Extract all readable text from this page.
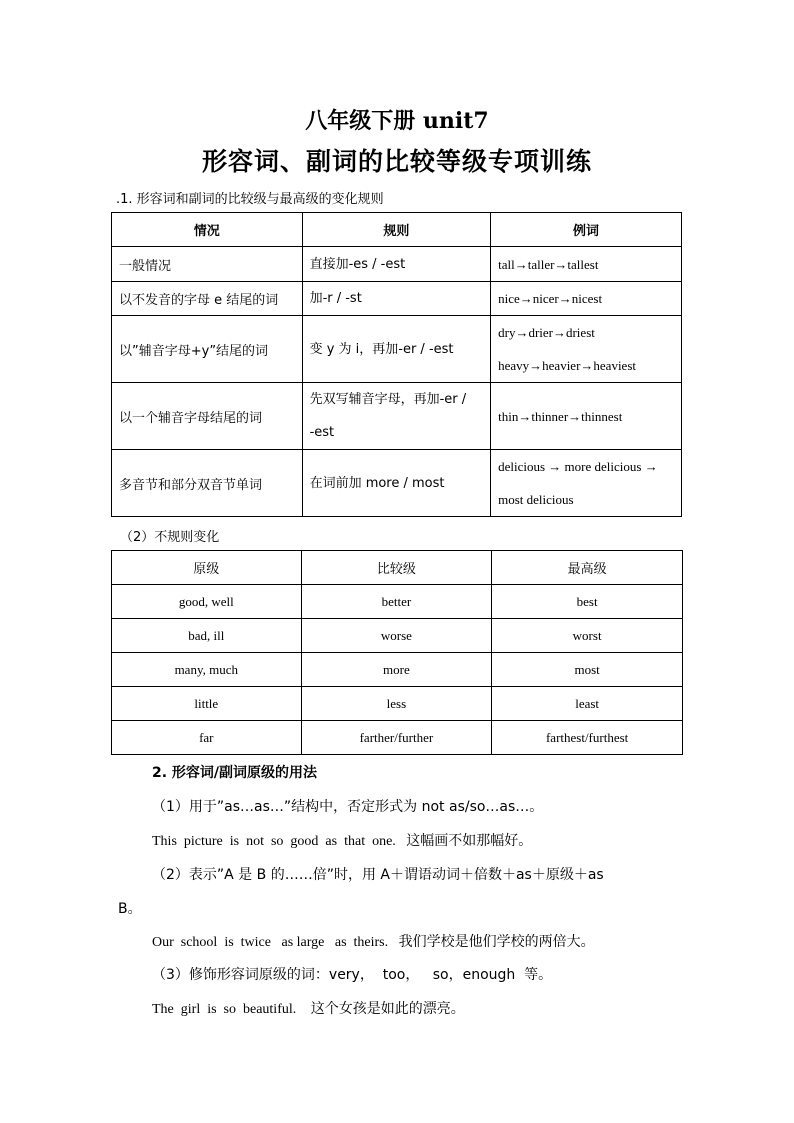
八年级下册 unit7
形容词、副词的比较等级专项训练
.1. 形容词和副词的比较级与最高级的变化规则
情况	规则	例词
一般情况	直接加-es / -est	tall→taller→tallest
以不发音的字母 e 结尾的词	加-r / -st	nice→nicer→nicest
以”辅音字母+y”结尾的词	变 y 为 i，再加-er / -est	dry→drier→driest
heavy→heavier→heaviest

以一个辅音字母结尾的词	先双写辅音字母，再加-er /
-est	thin→thinner→thinnest
多音节和部分双音节单词	在词前加 more / most	delicious → more delicious →
most delicious
（2）不规则变化
原级	比较级	最高级
good, well	better	best
bad, ill	worse	worst
many, much	more	most
little	less	least
far	farther/further	farthest/furthest
2. 形容词/副词原级的用法
（1）用于”as…as…”结构中，否定形式为 not as/so…as…。
This  picture  is  not  so  good  as  that  one. 这幅画不如那幅好。
（2）表示”A 是 B 的……倍”时，用 A＋谓语动词＋倍数＋as＋原级＋as
B。
Our  school  is  twice   as large   as  theirs. 我们学校是他们学校的两倍大。
（3）修饰形容词原级的词：very，  too，   so，enough  等。
The  girl  is  so  beautiful. 这个女孩是如此的漂亮。
